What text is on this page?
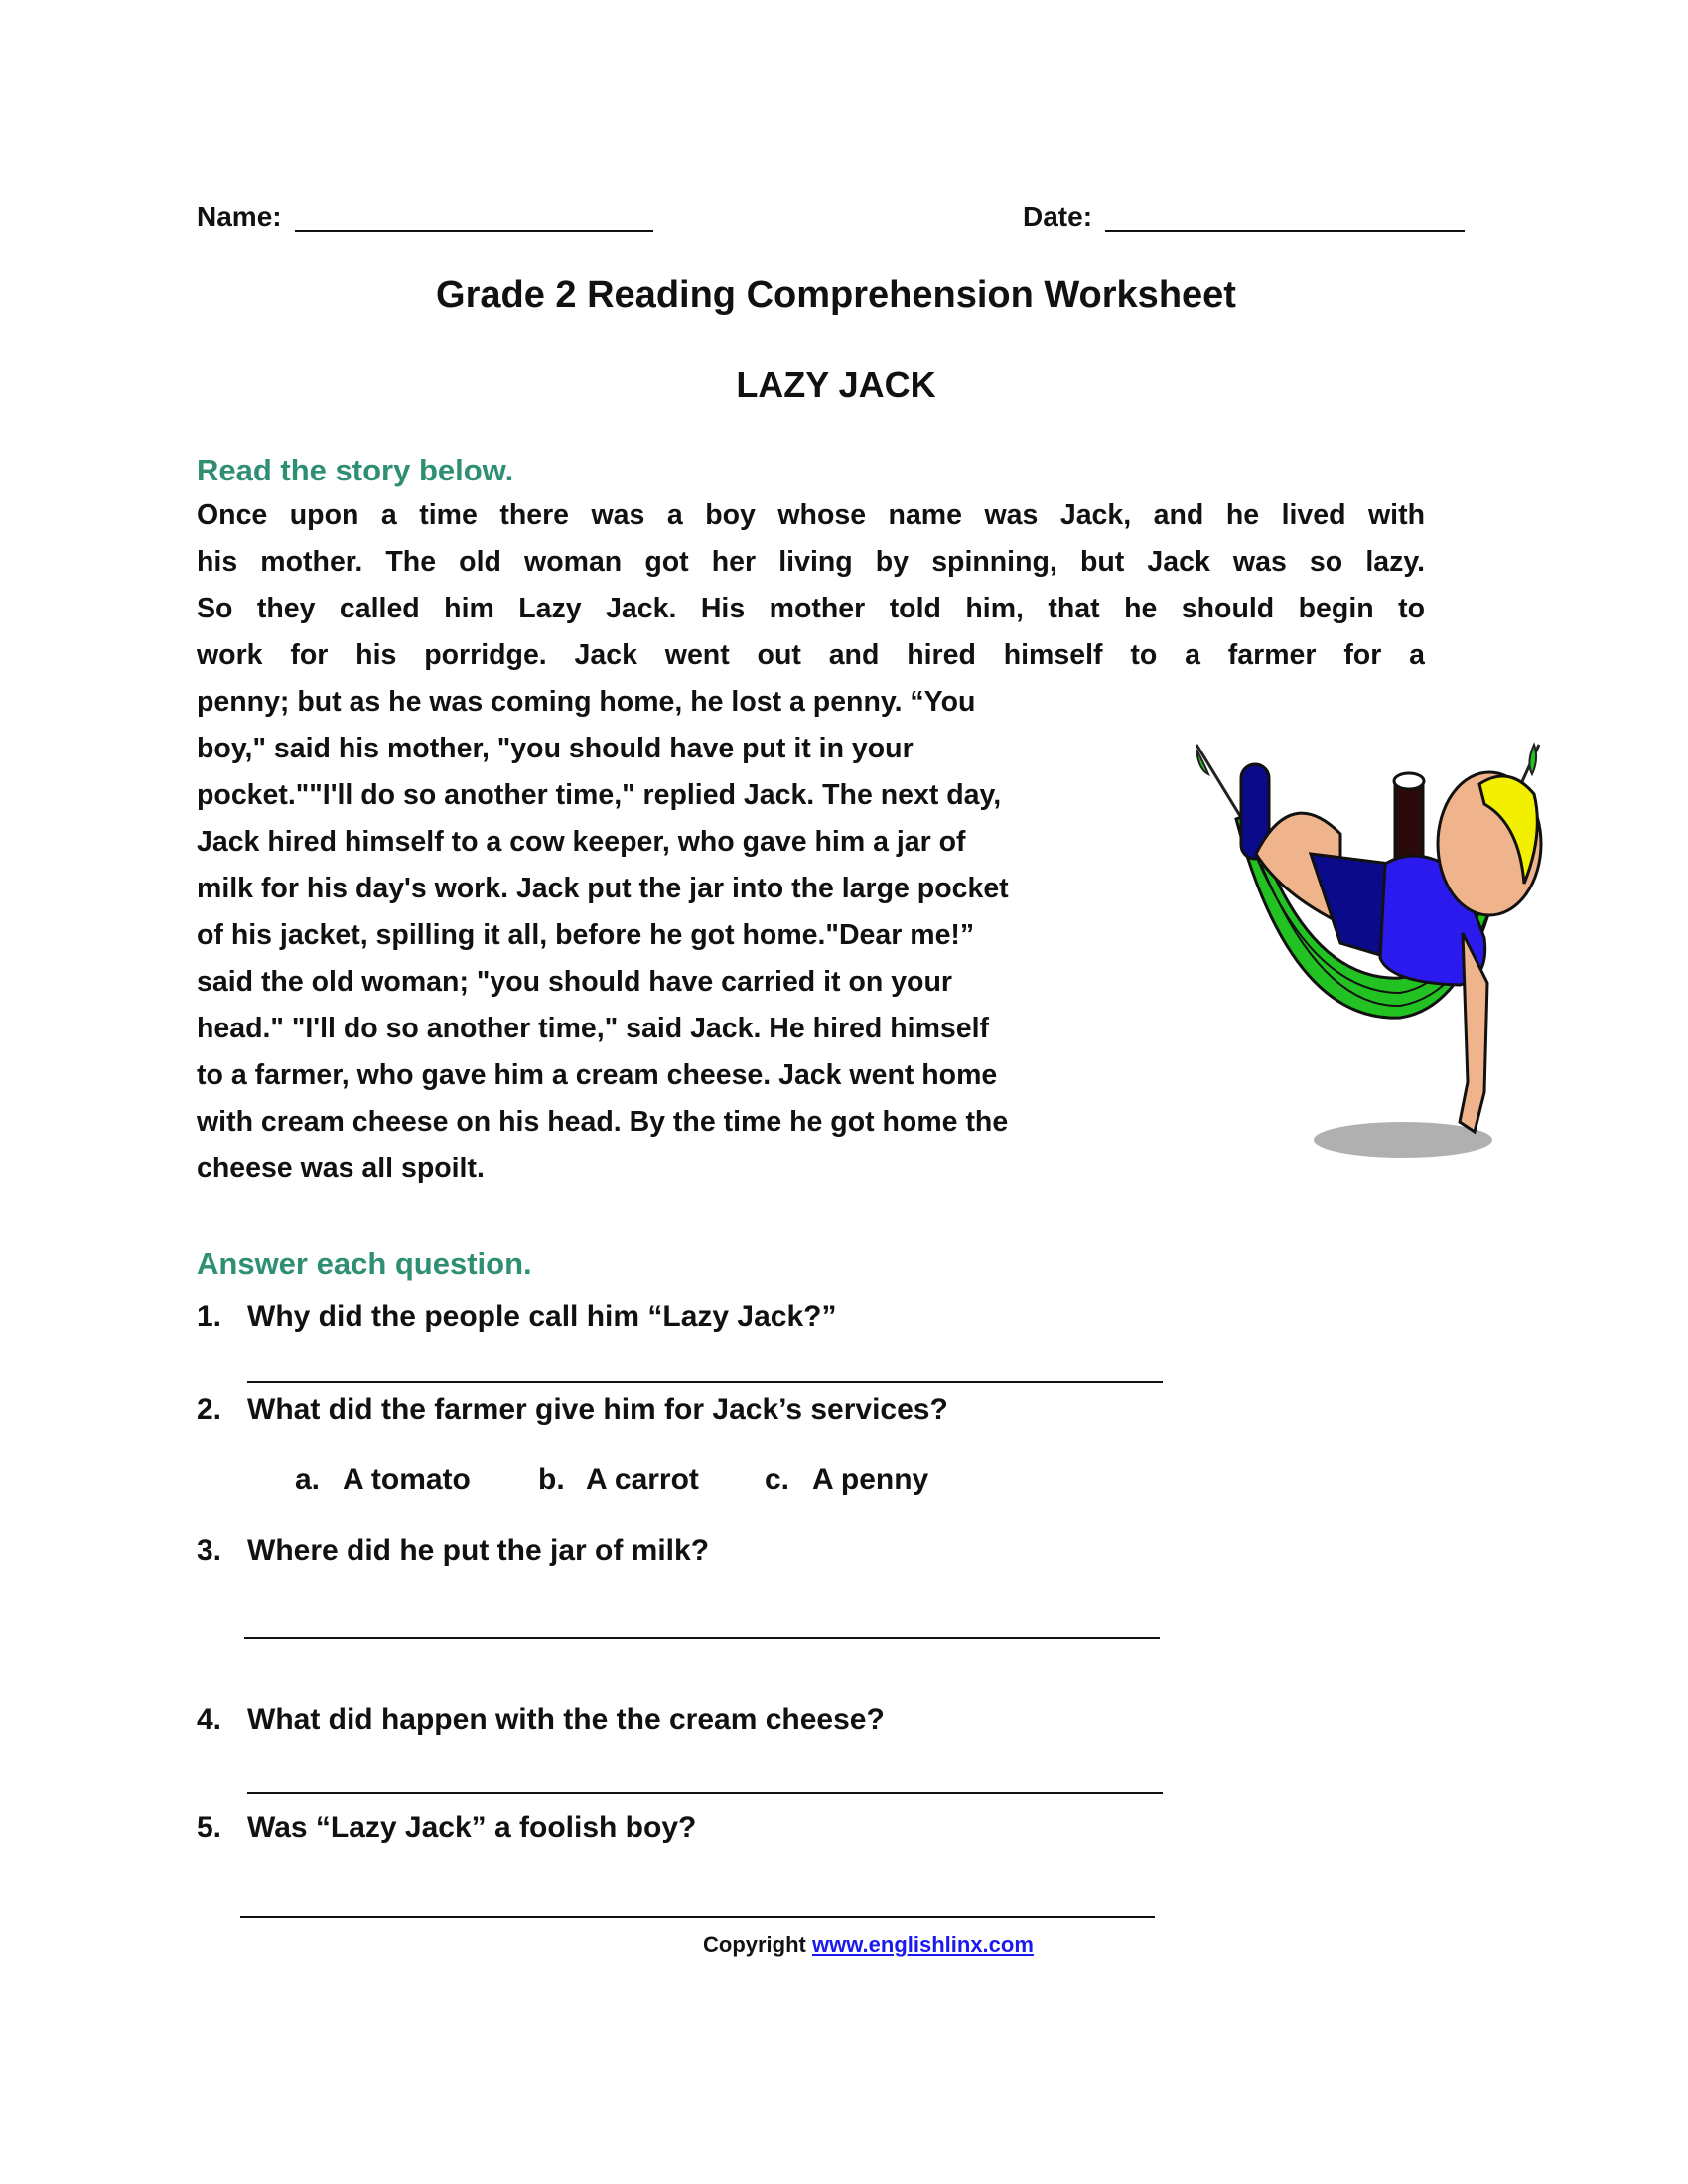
Name:	Date:
Grade 2 Reading Comprehension Worksheet
LAZY JACK
Read the story below.
Once upon a time there was a boy whose name was Jack, and he lived with
his mother. The old woman got her living by spinning, but Jack was so lazy.
So they called him Lazy Jack. His mother told him, that he should begin to
work for his porridge. Jack went out and hired himself to a farmer for a
penny; but as he was coming home, he lost a penny. “You
boy," said his mother, "you should have put it in your
pocket.""I'll do so another time," replied Jack. The next day,
Jack hired himself to a cow keeper, who gave him a jar of
milk for his day's work. Jack put the jar into the large pocket
of his jacket, spilling it all, before he got home."Dear me!”
said the old woman; "you should have carried it on your
head." "I'll do so another time," said Jack. He hired himself
to a farmer, who gave him a cream cheese. Jack went home
with cream cheese on his head. By the time he got home the
cheese was all spoilt.
Answer each question.
1. Why did the people call him “Lazy Jack?”
2. What did the farmer give him for Jack’s services?
a. A tomato b. A carrot c. A penny
3. Where did he put the jar of milk?
4. What did happen with the the cream cheese?
5. Was “Lazy Jack” a foolish boy?
Copyright www.englishlinx.com
